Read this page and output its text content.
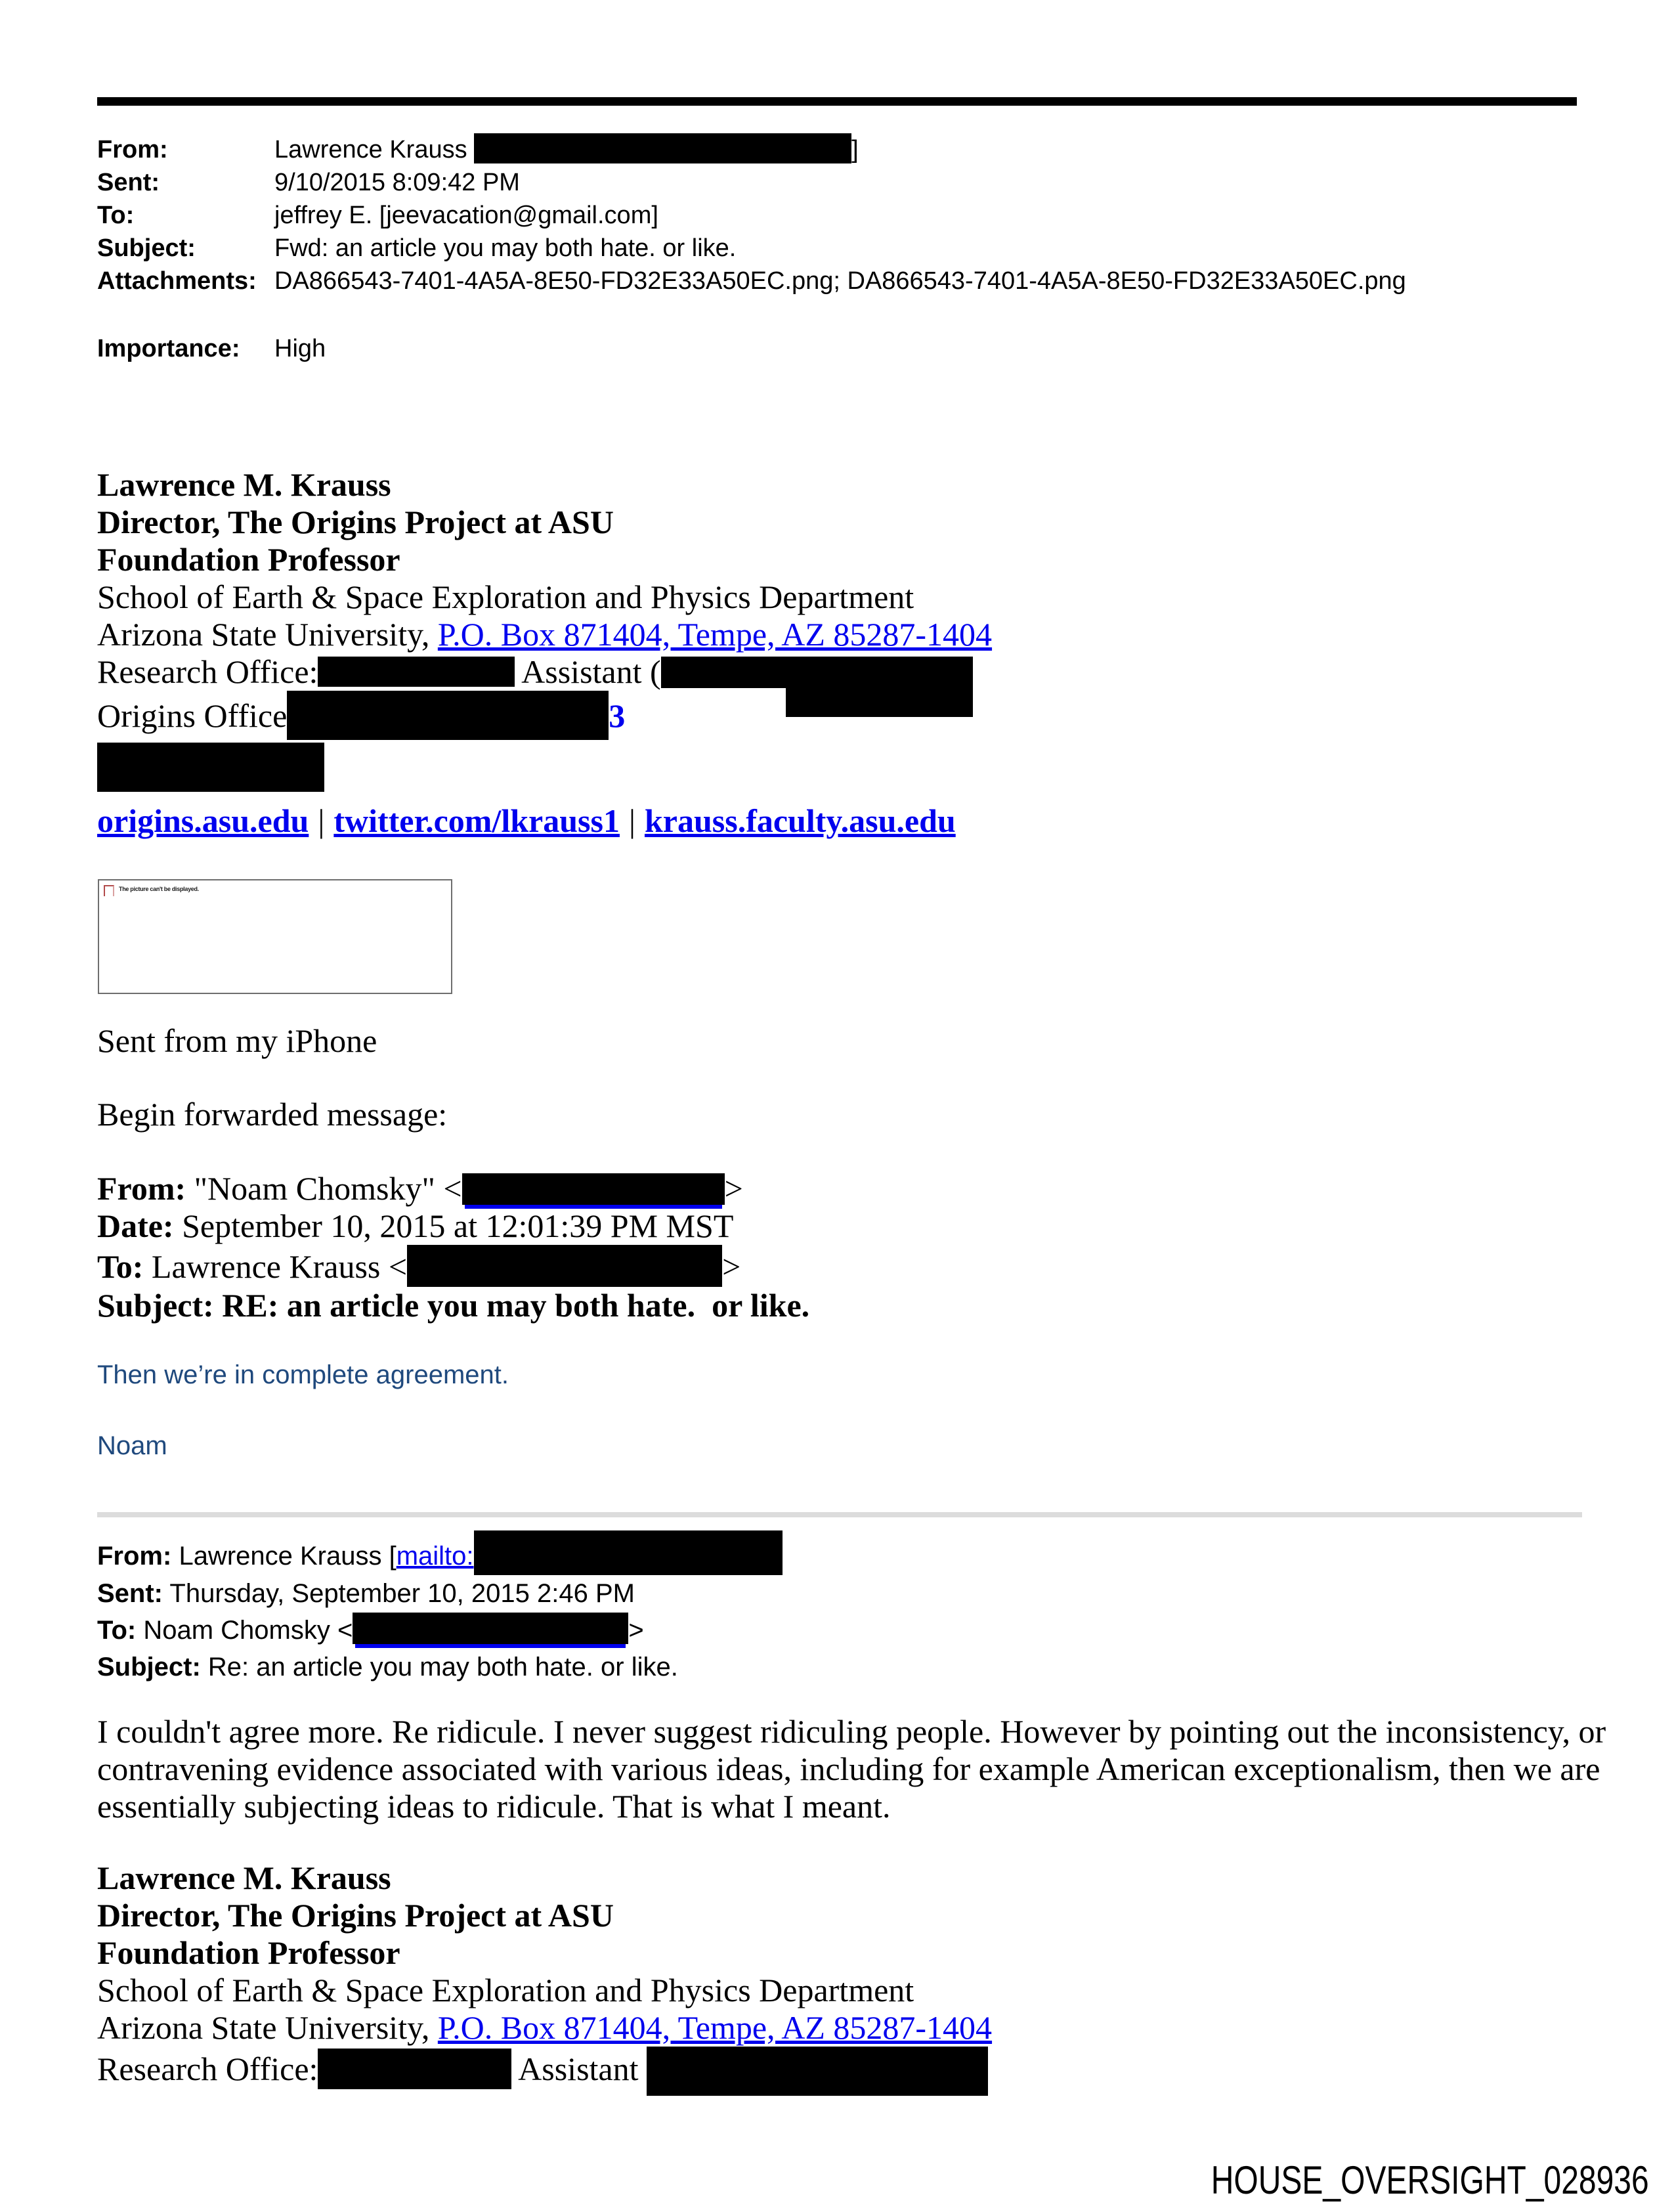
From:	Lawrence Krauss	]
Sent:	9/10/2015 8:09:42 PM
To:	jeffrey E. [jeevacation@gmail.com]
Subject:	Fwd: an article you may both hate. or like.
Attachments: DA866543-7401-4A5A-8E50-FD32E33A50EC.png; DA866543-7401-4A5A-8E50-FD32E33A50EC.png
Importance:	High
Lawrence M. Krauss
Director, The Origins Project at ASU
Foundation Professor
School of Earth & Space Exploration and Physics Department
Arizona State University, P.O. Box 871404, Tempe, AZ 85287-1404
Research Office:	Assistant (
Origins Office	3
origins.asu.edu | twitter.com/lkrauss1 | krauss.faculty.asu.edu
The picture can't be displayed.
Sent from my iPhone
Begin forwarded message:
From: "Noam Chomsky" <	>
Date: September 10, 2015 at 12:01:39 PM MST
To: Lawrence Krauss <	>
Subject: RE: an article you may both hate.  or like.
Then we’re in complete agreement.
Noam
From: Lawrence Krauss [mailto:
Sent: Thursday, September 10, 2015 2:46 PM
To: Noam Chomsky <	>
Subject: Re: an article you may both hate. or like.
I couldn't agree more. Re ridicule. I never suggest ridiculing people. However by pointing out the inconsistency, or contravening evidence associated with various ideas, including for example American exceptionalism, then we are essentially subjecting ideas to ridicule. That is what I meant.
Lawrence M. Krauss
Director, The Origins Project at ASU
Foundation Professor
School of Earth & Space Exploration and Physics Department
Arizona State University, P.O. Box 871404, Tempe, AZ 85287-1404
Research Office:	Assistant
HOUSE_OVERSIGHT_028936
